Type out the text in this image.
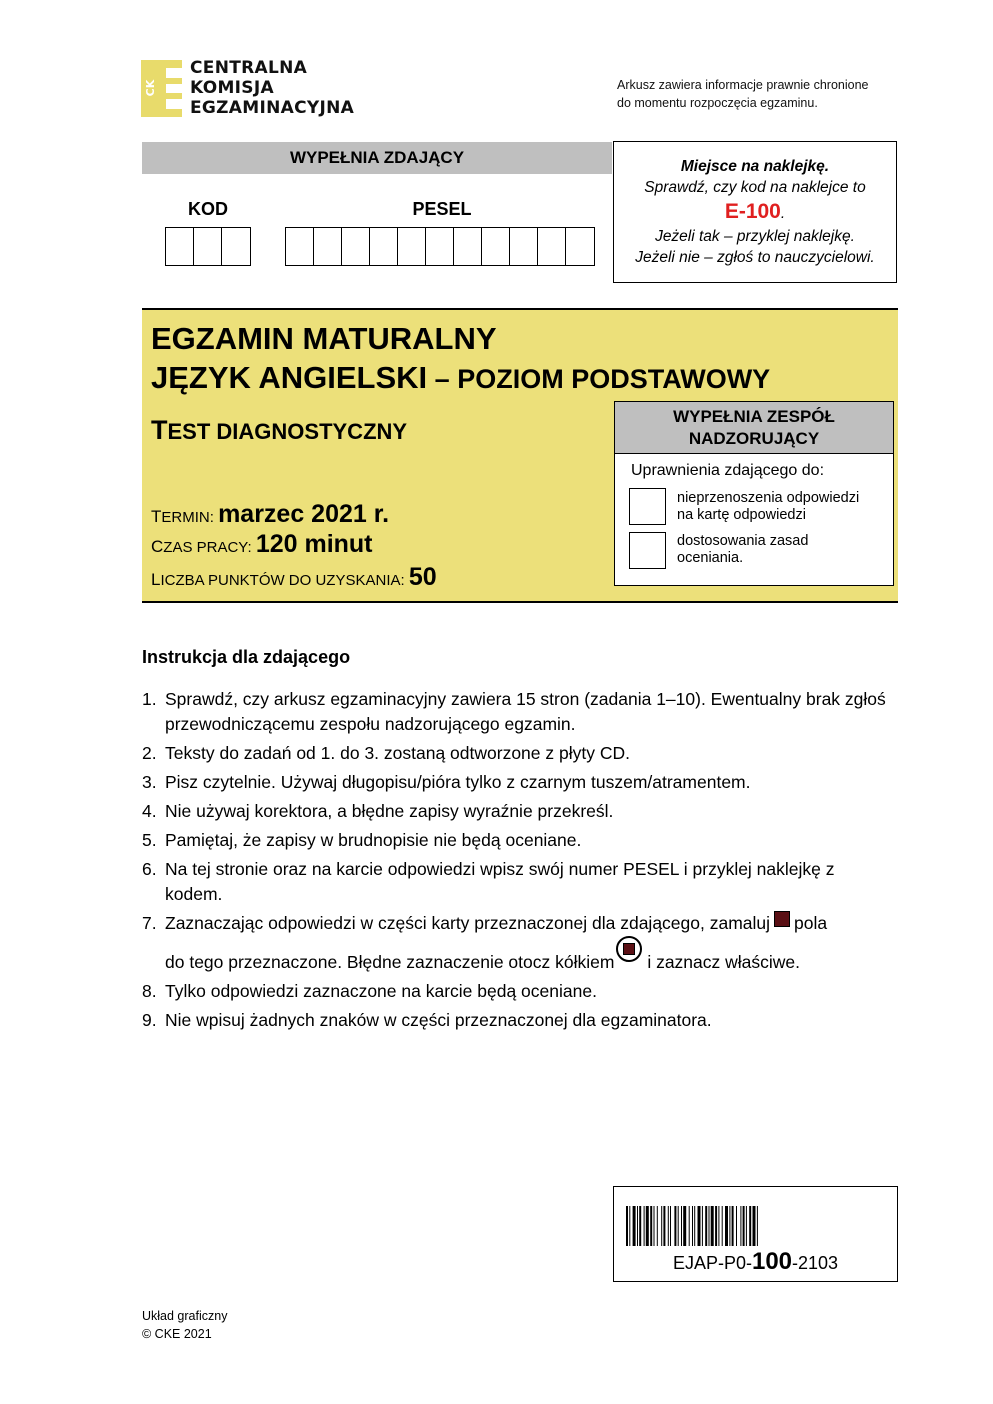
CK
CENTRALNA
KOMISJA
EGZAMINACYJNA
Arkusz zawiera informacje prawnie chronione
do momentu rozpoczęcia egzaminu.
WYPEŁNIA ZDAJĄCY
KOD	PESEL
Miejsce na naklejkę.
Sprawdź, czy kod na naklejce to
E-100.
Jeżeli tak – przyklej naklejkę.
Jeżeli nie – zgłoś to nauczycielowi.
EGZAMIN MATURALNY
JĘZYK ANGIELSKI – POZIOM PODSTAWOWY
TEST DIAGNOSTYCZNY
TERMIN: marzec 2021 r.
CZAS PRACY: 120 minut
LICZBA PUNKTÓW DO UZYSKANIA: 50
WYPEŁNIA ZESPÓŁ
NADZORUJĄCY
Uprawnienia zdającego do:
nieprzenoszenia odpowiedzi
na kartę odpowiedzi
dostosowania zasad
oceniania.
Instrukcja dla zdającego
1. Sprawdź, czy arkusz egzaminacyjny zawiera 15 stron (zadania 1–10). Ewentualny brak zgłoś przewodniczącemu zespołu nadzorującego egzamin.
2. Teksty do zadań od 1. do 3. zostaną odtworzone z płyty CD.
3. Pisz czytelnie. Używaj długopisu/pióra tylko z czarnym tuszem/atramentem.
4. Nie używaj korektora, a błędne zapisy wyraźnie przekreśl.
5. Pamiętaj, że zapisy w brudnopisie nie będą oceniane.
6. Na tej stronie oraz na karcie odpowiedzi wpisz swój numer PESEL i przyklej naklejkę z kodem.
7. Zaznaczając odpowiedzi w części karty przeznaczonej dla zdającego, zamaluj pola
do tego przeznaczone. Błędne zaznaczenie otocz kółkiem i zaznacz właściwe.
8. Tylko odpowiedzi zaznaczone na karcie będą oceniane.
9. Nie wpisuj żadnych znaków w części przeznaczonej dla egzaminatora.
EJAP-P0-100-2103
Układ graficzny
© CKE 2021
